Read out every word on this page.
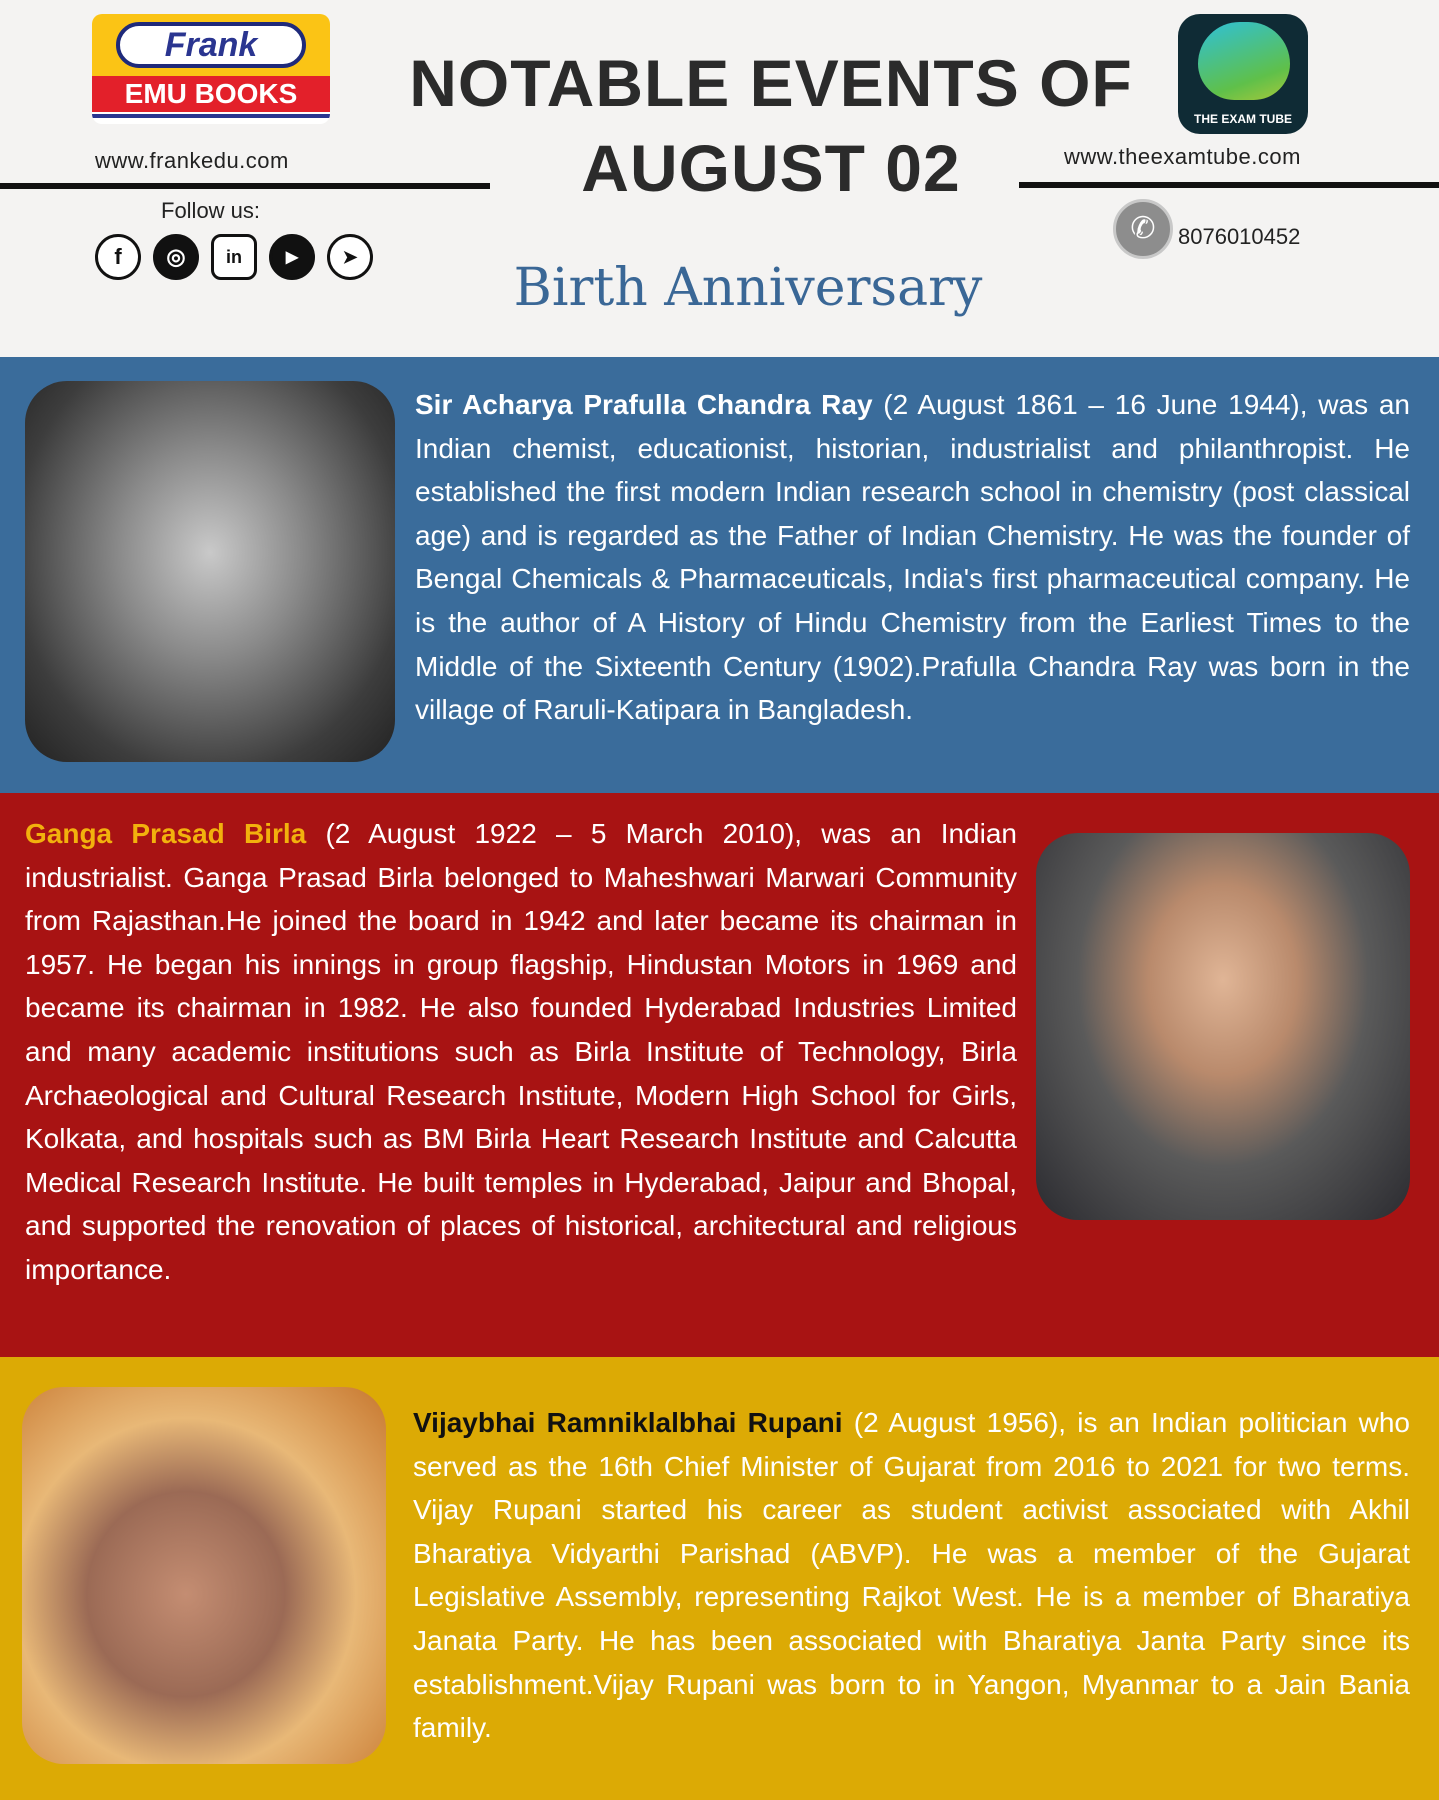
Frank
EMU BOOKS
www.frankedu.com
NOTABLE EVENTS OF
AUGUST 02
THE EXAM TUBE
www.theexamtube.com
✆	8076010452
Follow us:
f	◎	in	▶	➤
Birth Anniversary

Sir Acharya Prafulla Chandra Ray (2 August 1861 – 16 June 1944), was an Indian chemist, educationist, historian, industrialist and philanthropist. He established the first modern Indian research school in chemistry (post classical age) and is regarded as the Father of Indian Chemistry. He was the founder of Bengal Chemicals & Pharmaceuticals, India's first pharmaceutical company. He is the author of A History of Hindu Chemistry from the Earliest Times to the Middle of the Sixteenth Century (1902).Prafulla Chandra Ray was born in the village of Raruli-Katipara in Bangladesh.

Ganga Prasad Birla (2 August 1922 – 5 March 2010), was an Indian industrialist. Ganga Prasad Birla belonged to Maheshwari Marwari Community from Rajasthan.He joined the board in 1942 and later became its chairman in 1957. He began his innings in group flagship, Hindustan Motors in 1969 and became its chairman in 1982. He also founded Hyderabad Industries Limited and many academic institutions such as Birla Institute of Technology, Birla Archaeological and Cultural Research Institute, Modern High School for Girls, Kolkata, and hospitals such as BM Birla Heart Research Institute and Calcutta Medical Research Institute. He built temples in Hyderabad, Jaipur and Bhopal, and supported the renovation of places of historical, architectural and religious importance.

Vijaybhai Ramniklalbhai Rupani (2 August 1956), is an Indian politician who served as the 16th Chief Minister of Gujarat from 2016 to 2021 for two terms. Vijay Rupani started his career as student activist associated with Akhil Bharatiya Vidyarthi Parishad (ABVP). He was a member of the Gujarat Legislative Assembly, representing Rajkot West. He is a member of Bharatiya Janata Party. He has been associated with Bharatiya Janta Party since its establishment.Vijay Rupani was born to in Yangon, Myanmar to a Jain Bania family.
